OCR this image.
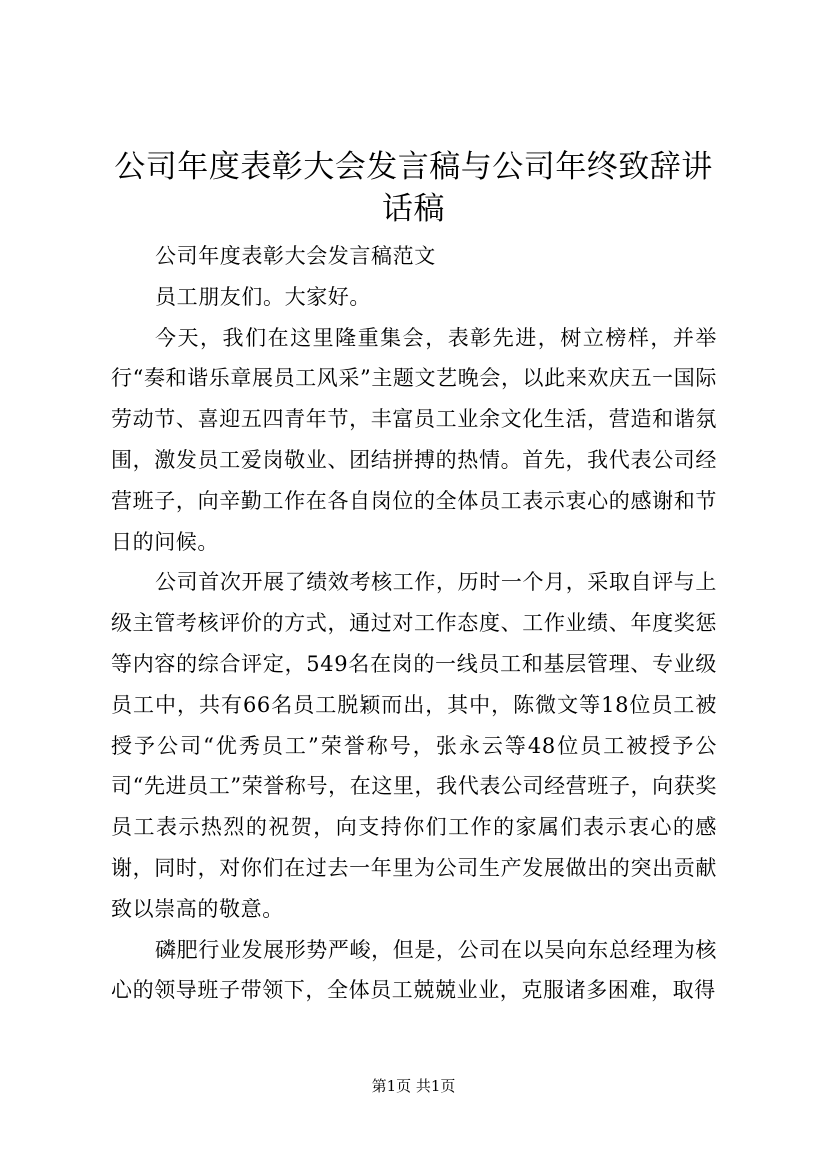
公司年度表彰大会发言稿与公司年终致辞讲话稿

公司年度表彰大会发言稿范文

员工朋友们。大家好。

今天，我们在这里隆重集会，表彰先进，树立榜样，并举行“奏和谐乐章展员工风采”主题文艺晚会，以此来欢庆五一国际劳动节、喜迎五四青年节，丰富员工业余文化生活，营造和谐氛围，激发员工爱岗敬业、团结拼搏的热情。首先，我代表公司经营班子，向辛勤工作在各自岗位的全体员工表示衷心的感谢和节日的问候。

公司首次开展了绩效考核工作，历时一个月，采取自评与上级主管考核评价的方式，通过对工作态度、工作业绩、年度奖惩等内容的综合评定，549名在岗的一线员工和基层管理、专业级员工中，共有66名员工脱颖而出，其中，陈微文等18位员工被授予公司“优秀员工”荣誉称号，张永云等48位员工被授予公司“先进员工”荣誉称号，在这里，我代表公司经营班子，向获奖员工表示热烈的祝贺，向支持你们工作的家属们表示衷心的感谢，同时，对你们在过去一年里为公司生产发展做出的突出贡献致以崇高的敬意。

磷肥行业发展形势严峻，但是，公司在以吴向东总经理为核心的领导班子带领下，全体员工兢兢业业，克服诸多困难，取得

第1页 共1页
